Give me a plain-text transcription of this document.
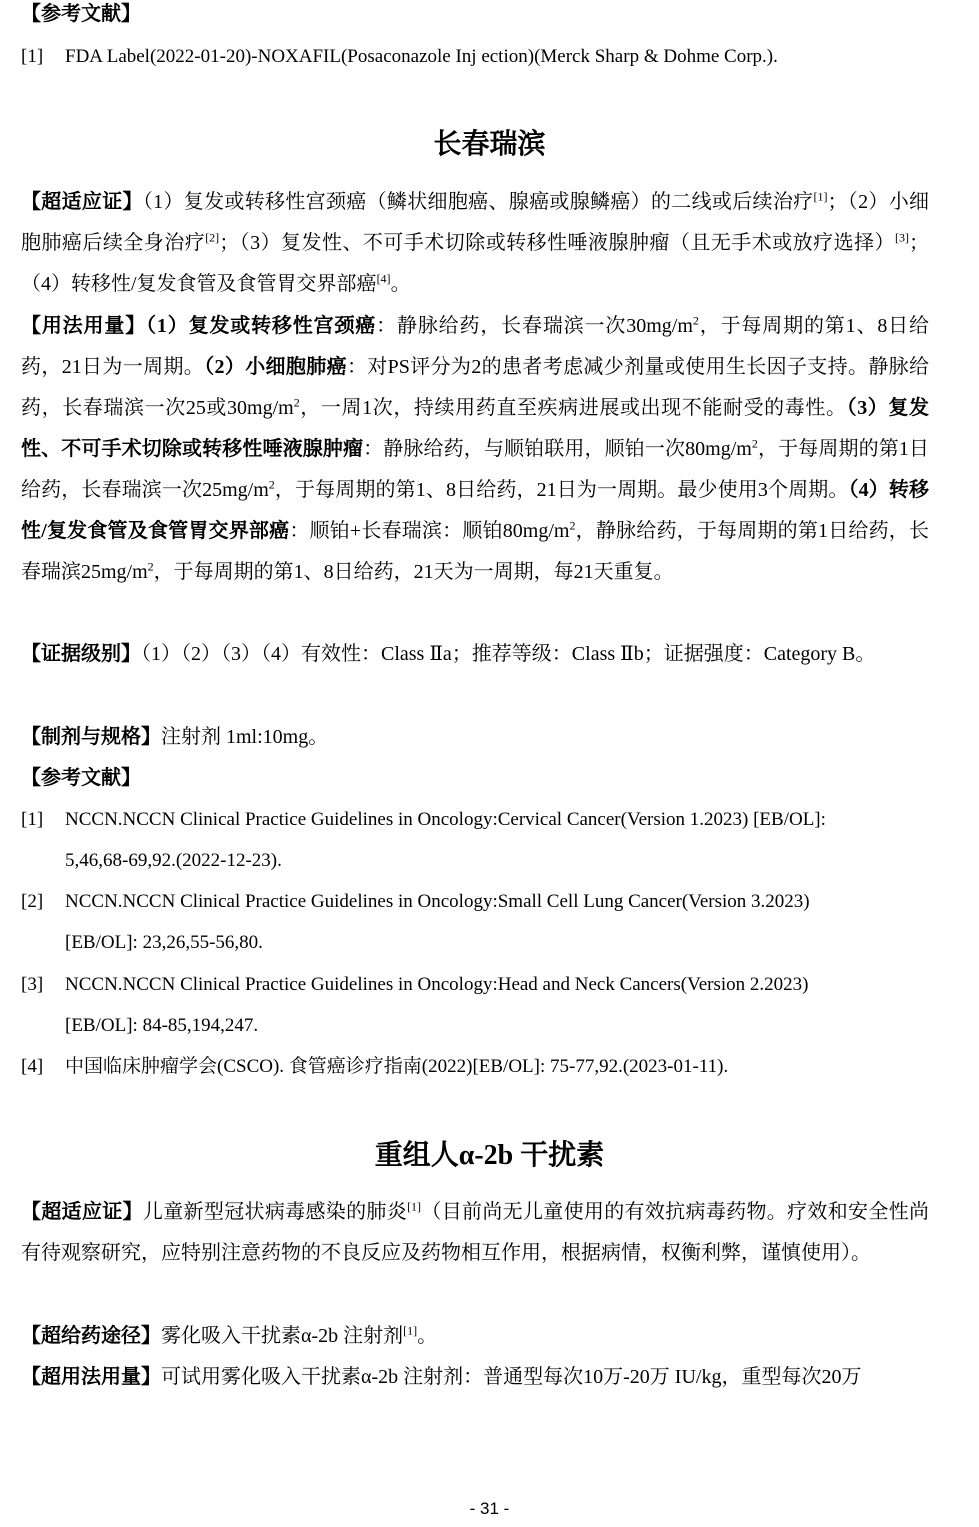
【参考文献】

[1]	FDA Label(2022-01-20)-NOXAFIL(Posaconazole Inj ection)(Merck Sharp & Dohme Corp.).
长春瑞滨

【超适应证】（1）复发或转移性宫颈癌（鳞状细胞癌、腺癌或腺鳞癌）的二线或后续治疗[1]；（2）小细胞肺癌后续全身治疗[2]；（3）复发性、不可手术切除或转移性唾液腺肿瘤（且无手术或放疗选择）[3]；（4）转移性/复发食管及食管胃交界部癌[4]。

【用法用量】（1）复发或转移性宫颈癌：静脉给药，长春瑞滨一次$30mg/m^2$，于每周期的第1、8日给药，21日为一周期。（2）小细胞肺癌：对PS评分为2的患者考虑减少剂量或使用生长因子支持。静脉给药，长春瑞滨一次25或$30mg/m^2$，一周1次，持续用药直至疾病进展或出现不能耐受的毒性。（3）复发性、不可手术切除或转移性唾液腺肿瘤：静脉给药，与顺铂联用，顺铂一次$80mg/m^2$，于每周期的第1日给药，长春瑞滨一次$25mg/m^2$，于每周期的第1、8日给药，21日为一周期。最少使用3个周期。（4）转移性/复发食管及食管胃交界部癌：顺铂+长春瑞滨：顺铂$80mg/m^2$，静脉给药，于每周期的第1日给药，长春瑞滨$25mg/m^2$，于每周期的第1、8日给药，21天为一周期，每21天重复。

【证据级别】（1）（2）（3）（4）有效性：Class Ⅱa；推荐等级：Class Ⅱb；证据强度：Category B。

【制剂与规格】注射剂 1ml:10mg。

【参考文献】

[1]	NCCN.NCCN Clinical Practice Guidelines in Oncology:Cervical Cancer(Version 1.2023) [EB/OL]:
5,46,68-69,92.(2022-12-23).
[2]	NCCN.NCCN Clinical Practice Guidelines in Oncology:Small Cell Lung Cancer(Version 3.2023)
[EB/OL]: 23,26,55-56,80.
[3]	NCCN.NCCN Clinical Practice Guidelines in Oncology:Head and Neck Cancers(Version 2.2023)
[EB/OL]: 84-85,194,247.
[4]	中国临床肿瘤学会(CSCO). 食管癌诊疗指南(2022)[EB/OL]: 75-77,92.(2023-01-11).
重组人α-2b 干扰素

【超适应证】儿童新型冠状病毒感染的肺炎[1]（目前尚无儿童使用的有效抗病毒药物。疗效和安全性尚有待观察研究，应特别注意药物的不良反应及药物相互作用，根据病情，权衡利弊，谨慎使用）。

【超给药途径】雾化吸入干扰素α-2b 注射剂[1]。

【超用法用量】可试用雾化吸入干扰素α-2b 注射剂：普通型每次10万-20万 IU/kg，重型每次20万

- 31 -
